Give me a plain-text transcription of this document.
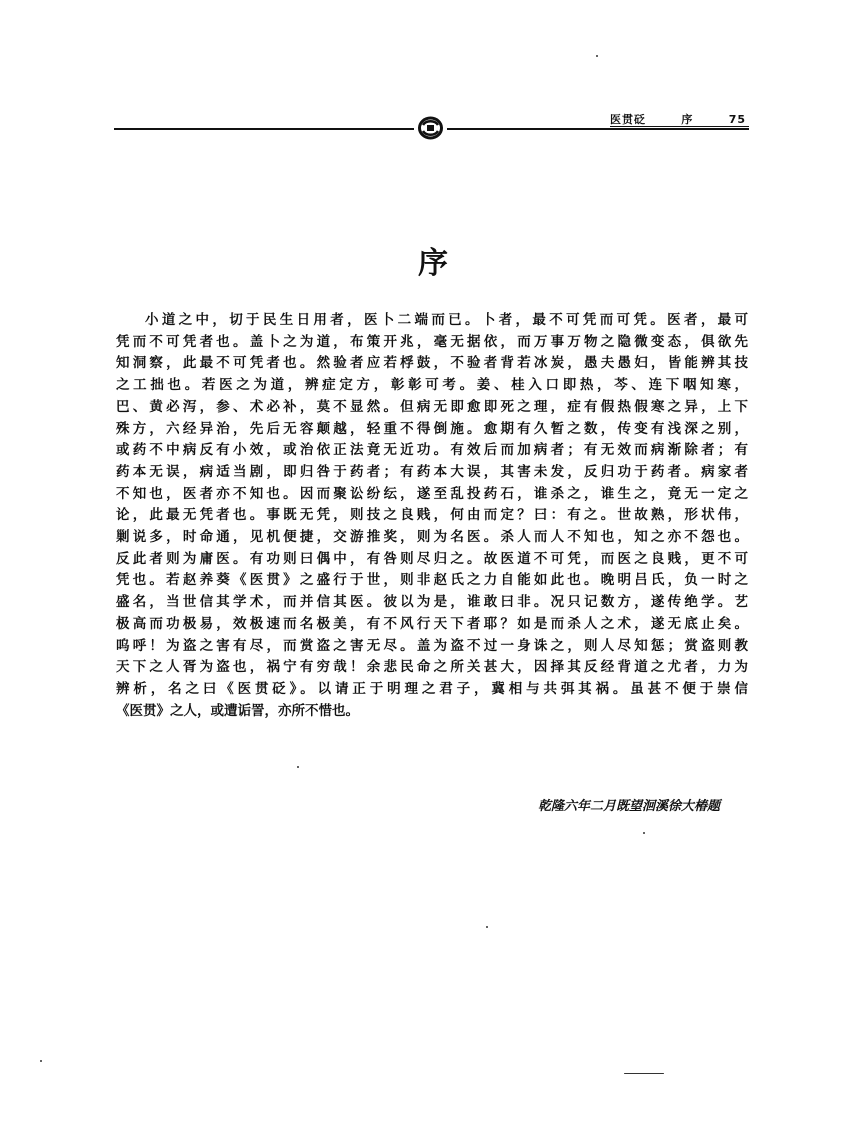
医贯砭	序	75
序
小道之中，切于民生日用者，医卜二端而已。卜者，最不可凭而可凭。医者，最可
凭而不可凭者也。盖卜之为道，布策开兆，毫无据依，而万事万物之隐微变态，俱欲先
知洞察，此最不可凭者也。然验者应若桴鼓，不验者背若冰炭，愚夫愚妇，皆能辨其技
之工拙也。若医之为道，辨症定方，彰彰可考。姜、桂入口即热，芩、连下咽知寒，
巴、黄必泻，参、术必补，莫不显然。但病无即愈即死之理，症有假热假寒之异，上下
殊方，六经异治，先后无容颠越，轻重不得倒施。愈期有久暂之数，传变有浅深之别，
或药不中病反有小效，或治依正法竟无近功。有效后而加病者；有无效而病渐除者；有
药本无误，病适当剧，即归咎于药者；有药本大误，其害未发，反归功于药者。病家者
不知也，医者亦不知也。因而聚讼纷纭，遂至乱投药石，谁杀之，谁生之，竟无一定之
论，此最无凭者也。事既无凭，则技之良贱，何由而定？曰：有之。世故熟，形状伟，
剿说多，时命通，见机便捷，交游推奖，则为名医。杀人而人不知也，知之亦不怨也。
反此者则为庸医。有功则曰偶中，有咎则尽归之。故医道不可凭，而医之良贱，更不可
凭也。若赵养葵《医贯》之盛行于世，则非赵氏之力自能如此也。晚明吕氏，负一时之
盛名，当世信其学术，而并信其医。彼以为是，谁敢曰非。况只记数方，遂传绝学。艺
极高而功极易，效极速而名极美，有不风行天下者耶？如是而杀人之术，遂无底止矣。
呜呼！为盗之害有尽，而赏盗之害无尽。盖为盗不过一身诛之，则人尽知惩；赏盗则教
天下之人胥为盗也，祸宁有穷哉！余悲民命之所关甚大，因择其反经背道之尤者，力为
辨析，名之曰《医贯砭》。以请正于明理之君子，冀相与共弭其祸。虽甚不便于崇信
《医贯》之人，或遭诟詈，亦所不惜也。
乾隆六年二月既望洄溪徐大椿题
